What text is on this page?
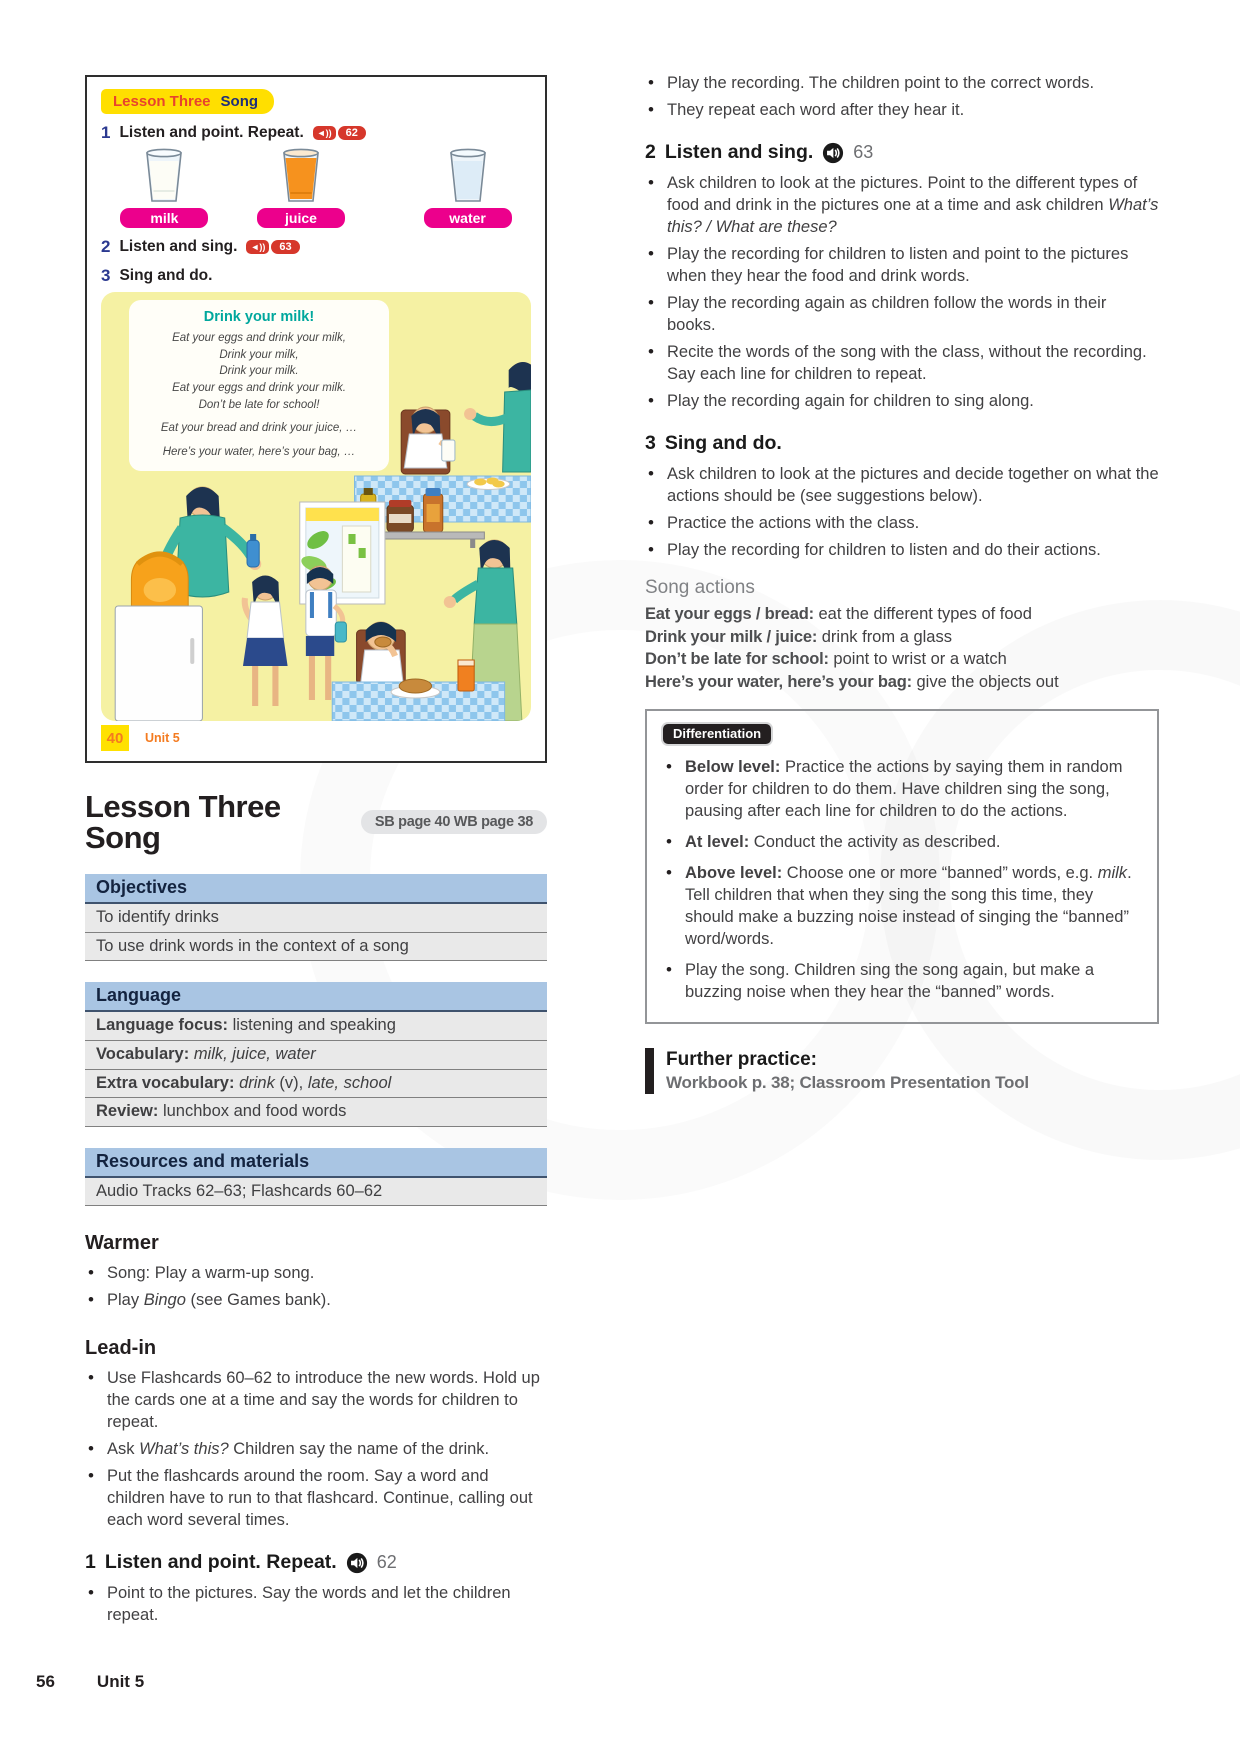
Lesson Three Song
1 Listen and point. Repeat.	◄))	62
milk	juice	water
2 Listen and sing.	◄))	63
3 Sing and do.
Drink your milk!
Eat your eggs and drink your milk,
Drink your milk,
Drink your milk.
Eat your eggs and drink your milk.
Don’t be late for school!
Eat your bread and drink your juice, …
Here’s your water, here’s your bag, …
40	Unit 5
Lesson Three Song	SB page 40 WB page 38
Objectives
To identify drinks
To use drink words in the context of a song
Language
Language focus: listening and speaking
Vocabulary: milk, juice, water
Extra vocabulary: drink (v), late, school
Review: lunchbox and food words
Resources and materials
Audio Tracks 62–63; Flashcards 60–62
Warmer
• Song: Play a warm-up song.
• Play Bingo (see Games bank).
Lead-in
• Use Flashcards 60–62 to introduce the new words. Hold up the cards one at a time and say the words for children to repeat.
• Ask What’s this? Children say the name of the drink.
• Put the flashcards around the room. Say a word and children have to run to that flashcard. Continue, calling out each word several times.
1 Listen and point. Repeat. 62
• Point to the pictures. Say the words and let the children repeat.
• Play the recording. The children point to the correct words.
• They repeat each word after they hear it.
2 Listen and sing. 63
• Ask children to look at the pictures. Point to the different types of food and drink in the pictures one at a time and ask children What’s this? / What are these?
• Play the recording for children to listen and point to the pictures when they hear the food and drink words.
• Play the recording again as children follow the words in their books.
• Recite the words of the song with the class, without the recording. Say each line for children to repeat.
• Play the recording again for children to sing along.
3 Sing and do.
• Ask children to look at the pictures and decide together on what the actions should be (see suggestions below).
• Practice the actions with the class.
• Play the recording for children to listen and do their actions.
Song actions
Eat your eggs / bread: eat the different types of food
Drink your milk / juice: drink from a glass
Don’t be late for school: point to wrist or a watch
Here’s your water, here’s your bag: give the objects out
Differentiation
• Below level: Practice the actions by saying them in random order for children to do them. Have children sing the song, pausing after each line for children to do the actions.
• At level: Conduct the activity as described.
• Above level: Choose one or more “banned” words, e.g. milk. Tell children that when they sing the song this time, they should make a buzzing noise instead of singing the “banned” word/words.
• Play the song. Children sing the song again, but make a buzzing noise when they hear the “banned” words.
Further practice:
Workbook p. 38; Classroom Presentation Tool
56 Unit 5
